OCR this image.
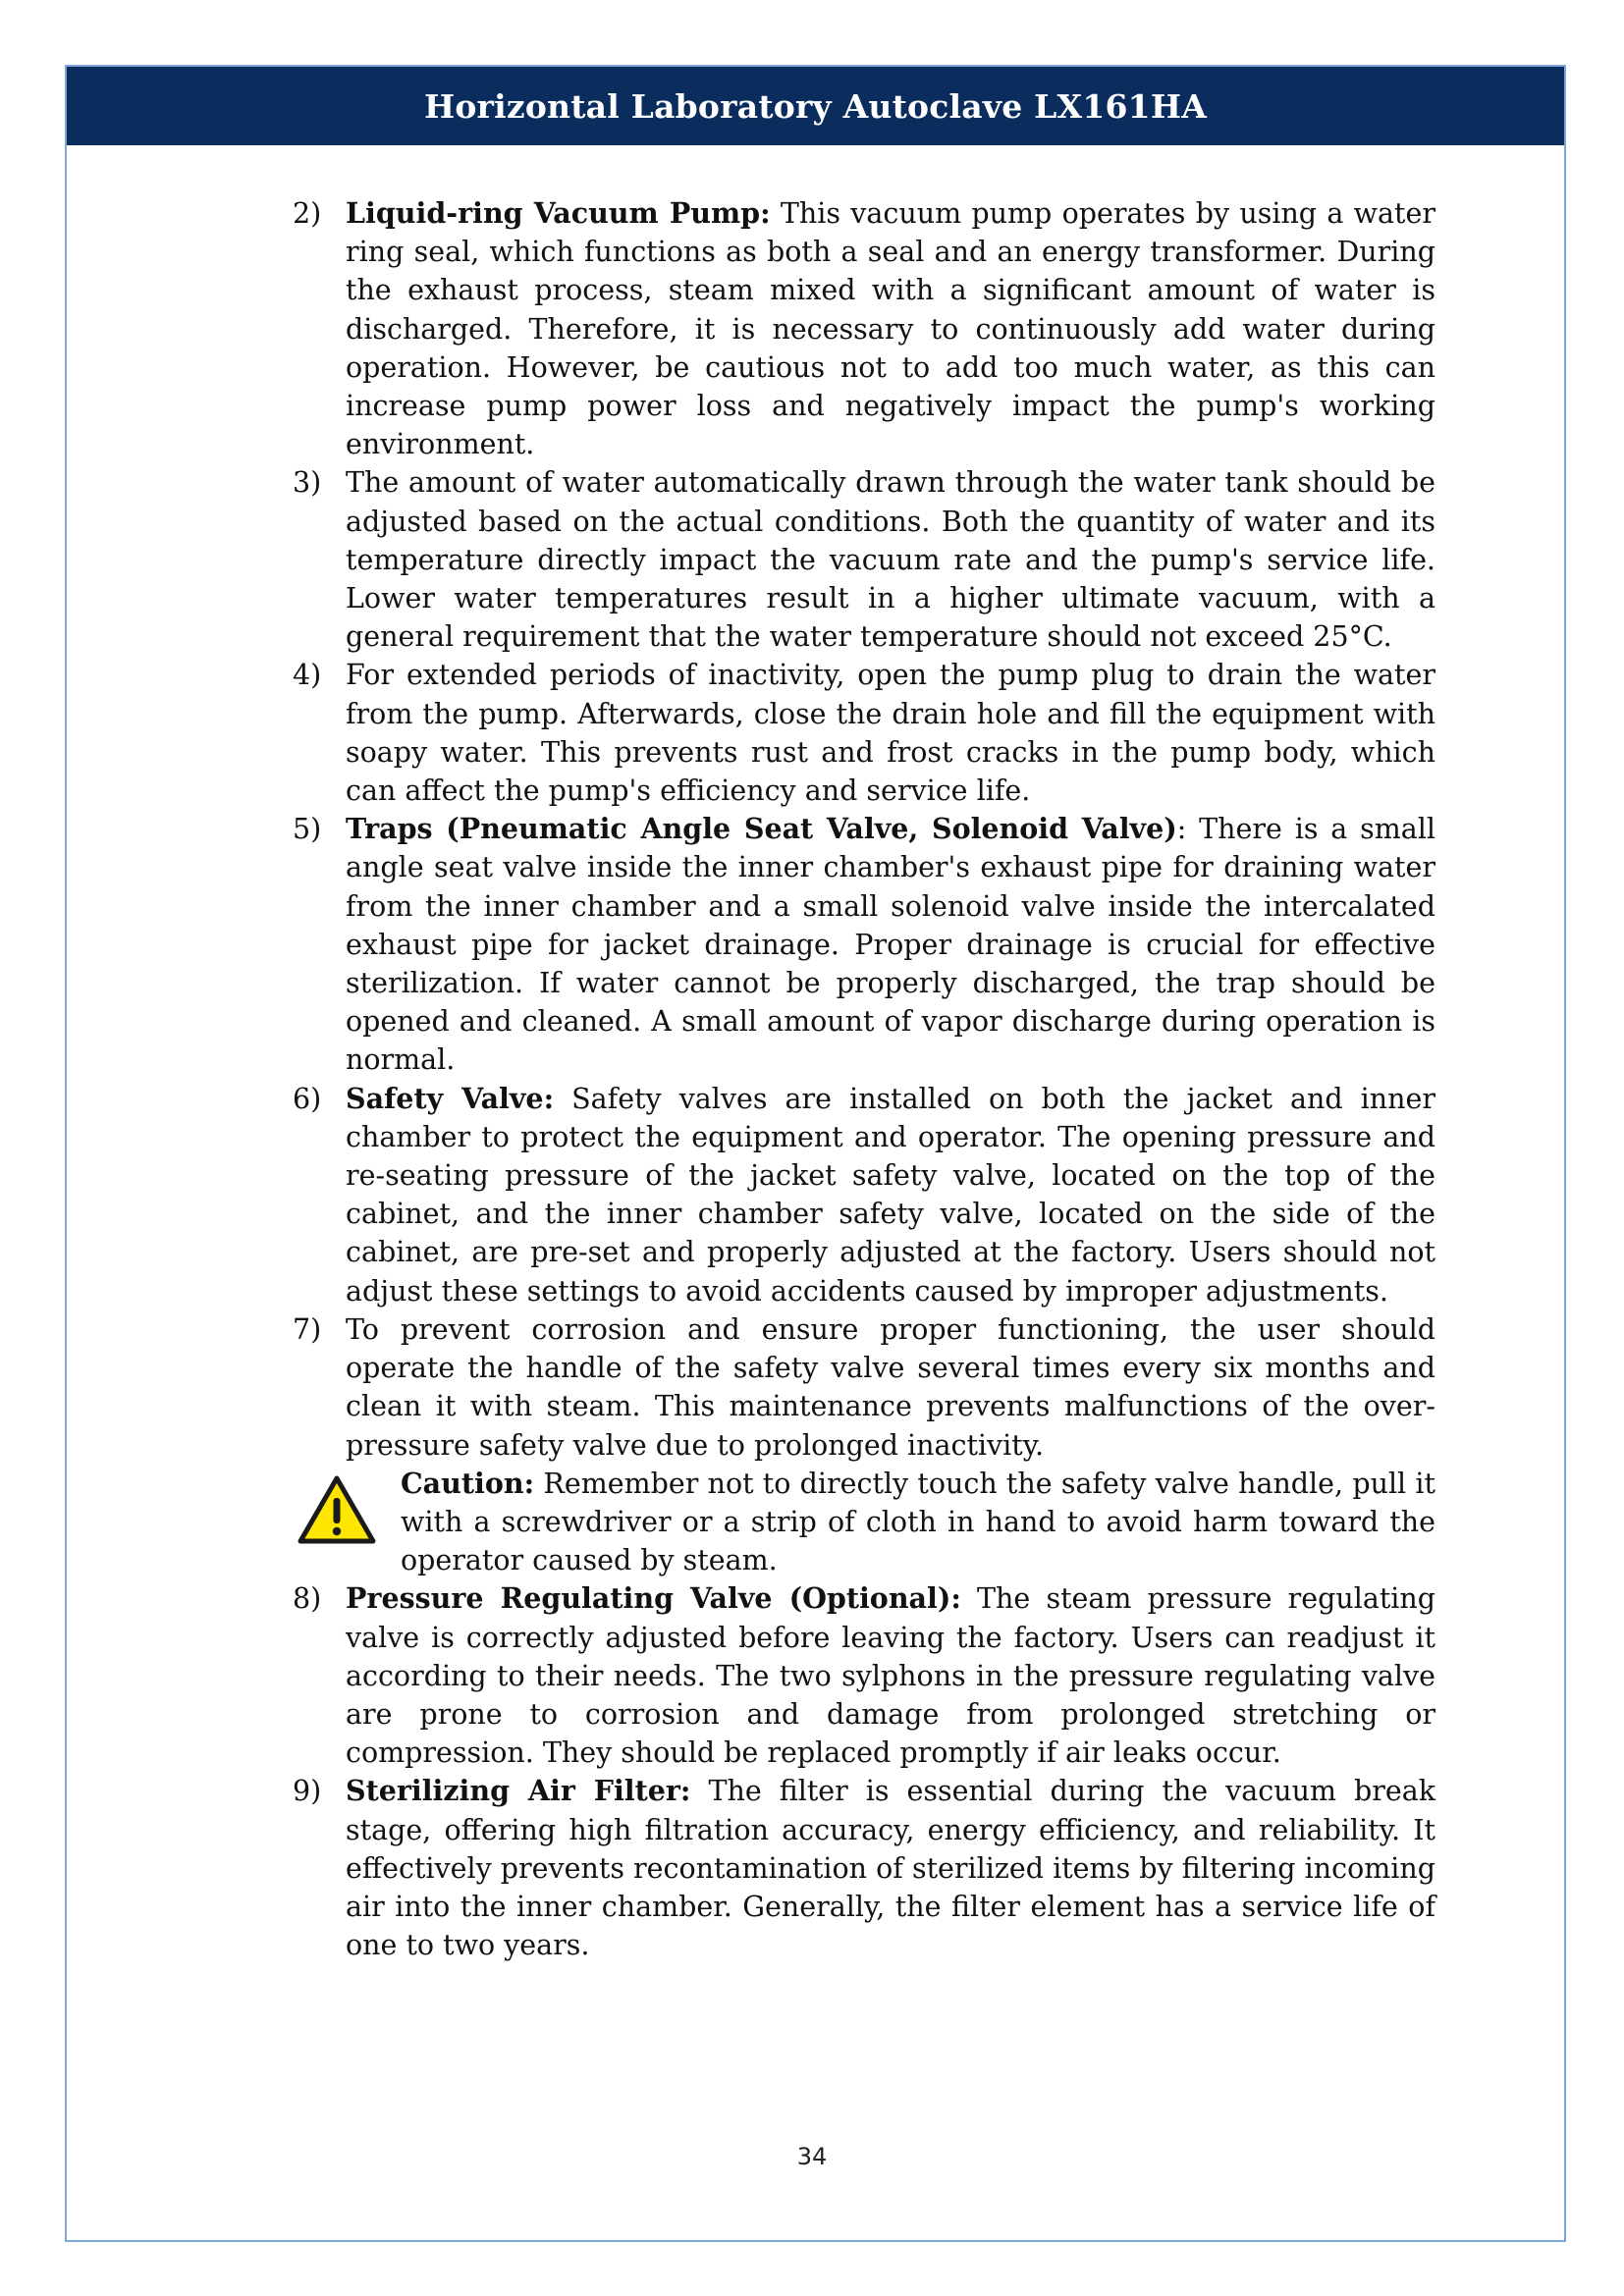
Horizontal Laboratory Autoclave LX161HA
2) Liquid-ring Vacuum Pump: This vacuum pump operates by using a water ring seal, which functions as both a seal and an energy transformer. During the exhaust process, steam mixed with a significant amount of water is discharged. Therefore, it is necessary to continuously add water during operation. However, be cautious not to add too much water, as this can increase pump power loss and negatively impact the pump's working environment.
3) The amount of water automatically drawn through the water tank should be adjusted based on the actual conditions. Both the quantity of water and its temperature directly impact the vacuum rate and the pump's service life. Lower water temperatures result in a higher ultimate vacuum, with a general requirement that the water temperature should not exceed 25°C.
4) For extended periods of inactivity, open the pump plug to drain the water from the pump. Afterwards, close the drain hole and fill the equipment with soapy water. This prevents rust and frost cracks in the pump body, which can affect the pump's efficiency and service life.
5) Traps (Pneumatic Angle Seat Valve, Solenoid Valve): There is a small angle seat valve inside the inner chamber's exhaust pipe for draining water from the inner chamber and a small solenoid valve inside the intercalated exhaust pipe for jacket drainage. Proper drainage is crucial for effective sterilization. If water cannot be properly discharged, the trap should be opened and cleaned. A small amount of vapor discharge during operation is normal.
6) Safety Valve: Safety valves are installed on both the jacket and inner chamber to protect the equipment and operator. The opening pressure and re-seating pressure of the jacket safety valve, located on the top of the cabinet, and the inner chamber safety valve, located on the side of the cabinet, are pre-set and properly adjusted at the factory. Users should not adjust these settings to avoid accidents caused by improper adjustments.
7) To prevent corrosion and ensure proper functioning, the user should operate the handle of the safety valve several times every six months and clean it with steam. This maintenance prevents malfunctions of the over-pressure safety valve due to prolonged inactivity.
Caution: Remember not to directly touch the safety valve handle, pull it with a screwdriver or a strip of cloth in hand to avoid harm toward the operator caused by steam.
8) Pressure Regulating Valve (Optional): The steam pressure regulating valve is correctly adjusted before leaving the factory. Users can readjust it according to their needs. The two sylphons in the pressure regulating valve are prone to corrosion and damage from prolonged stretching or compression. They should be replaced promptly if air leaks occur.
9) Sterilizing Air Filter: The filter is essential during the vacuum break stage, offering high filtration accuracy, energy efficiency, and reliability. It effectively prevents recontamination of sterilized items by filtering incoming air into the inner chamber. Generally, the filter element has a service life of one to two years.
34
